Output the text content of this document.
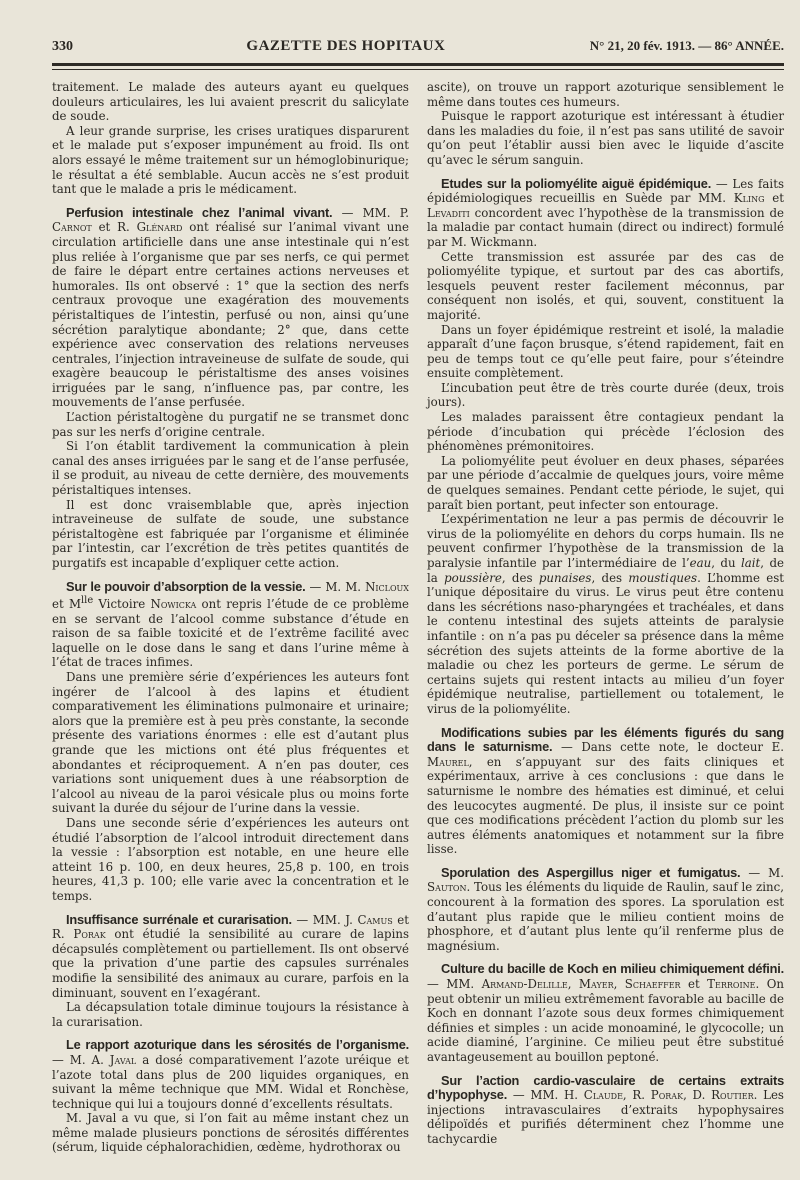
330	GAZETTE DES HOPITAUX	N° 21, 20 fév. 1913. — 86° ANNÉE.

traitement. Le malade des auteurs ayant eu quelques douleurs articulaires, les lui avaient prescrit du salicylate de soude.

A leur grande surprise, les crises uratiques disparurent et le malade put s’exposer impunément au froid. Ils ont alors essayé le même traitement sur un hémoglobinurique; le résultat a été semblable. Aucun accès ne s’est produit tant que le malade a pris le médicament.

Perfusion intestinale chez l’animal vivant. — MM. P. Carnot et R. Glénard ont réalisé sur l’animal vivant une circulation artificielle dans une anse intestinale qui n’est plus reliée à l’organisme que par ses nerfs, ce qui permet de faire le départ entre certaines actions nerveuses et humorales. Ils ont observé : 1° que la section des nerfs centraux provoque une exagération des mouvements péristaltiques de l’intestin, perfusé ou non, ainsi qu’une sécrétion paralytique abondante; 2° que, dans cette expérience avec conservation des relations nerveuses centrales, l’injection intraveineuse de sulfate de soude, qui exagère beaucoup le péristaltisme des anses voisines irriguées par le sang, n’influence pas, par contre, les mouvements de l’anse perfusée.

L’action péristaltogène du purgatif ne se transmet donc pas sur les nerfs d’origine centrale.

Si l’on établit tardivement la communication à plein canal des anses irriguées par le sang et de l’anse perfusée, il se produit, au niveau de cette dernière, des mouvements péristaltiques intenses.

Il est donc vraisemblable que, après injection intraveineuse de sulfate de soude, une substance péristaltogène est fabriquée par l’organisme et éliminée par l’intestin, car l’excrétion de très petites quantités de purgatifs est incapable d’expliquer cette action.

Sur le pouvoir d’absorption de la vessie. — M. M. Nicloux et $M^{lle}$ Victoire Nowicka ont repris l’étude de ce problème en se servant de l’alcool comme substance d’étude en raison de sa faible toxicité et de l’extrême facilité avec laquelle on le dose dans le sang et dans l’urine même à l’état de traces infimes.

Dans une première série d’expériences les auteurs font ingérer de l’alcool à des lapins et étudient comparativement les éliminations pulmonaire et urinaire; alors que la première est à peu près constante, la seconde présente des variations énormes : elle est d’autant plus grande que les mictions ont été plus fréquentes et abondantes et réciproquement. A n’en pas douter, ces variations sont uniquement dues à une réabsorption de l’alcool au niveau de la paroi vésicale plus ou moins forte suivant la durée du séjour de l’urine dans la vessie.

Dans une seconde série d’expériences les auteurs ont étudié l’absorption de l’alcool introduit directement dans la vessie : l’absorption est notable, en une heure elle atteint 16 p. 100, en deux heures, 25,8 p. 100, en trois heures, 41,3 p. 100; elle varie avec la concentration et le temps.

Insuffisance surrénale et curarisation. — MM. J. Camus et R. Porak ont étudié la sensibilité au curare de lapins décapsulés complètement ou partiellement. Ils ont observé que la privation d’une partie des capsules surrénales modifie la sensibilité des animaux au curare, parfois en la diminuant, souvent en l’exagérant.

La décapsulation totale diminue toujours la résistance à la curarisation.

Le rapport azoturique dans les sérosités de l’organisme. — M. A. Javal a dosé comparativement l’azote uréique et l’azote total dans plus de 200 liquides organiques, en suivant la même technique que MM. Widal et Ronchèse, technique qui lui a toujours donné d’excellents résultats.

M. Javal a vu que, si l’on fait au même instant chez un même malade plusieurs ponctions de sérosités différentes (sérum, liquide céphalorachidien, œdème, hydrothorax ou

ascite), on trouve un rapport azoturique sensiblement le même dans toutes ces humeurs.

Puisque le rapport azoturique est intéressant à étudier dans les maladies du foie, il n’est pas sans utilité de savoir qu’on peut l’établir aussi bien avec le liquide d’ascite qu’avec le sérum sanguin.

Etudes sur la poliomyélite aiguë épidémique. — Les faits épidémiologiques recueillis en Suède par MM. Kling et Levaditi concordent avec l’hypothèse de la transmission de la maladie par contact humain (direct ou indirect) formulé par M. Wickmann.

Cette transmission est assurée par des cas de poliomyélite typique, et surtout par des cas abortifs, lesquels peuvent rester facilement méconnus, par conséquent non isolés, et qui, souvent, constituent la majorité.

Dans un foyer épidémique restreint et isolé, la maladie apparaît d’une façon brusque, s’étend rapidement, fait en peu de temps tout ce qu’elle peut faire, pour s’éteindre ensuite complètement.

L’incubation peut être de très courte durée (deux, trois jours).

Les malades paraissent être contagieux pendant la période d’incubation qui précède l’éclosion des phénomènes prémonitoires.

La poliomyélite peut évoluer en deux phases, séparées par une période d’accalmie de quelques jours, voire même de quelques semaines. Pendant cette période, le sujet, qui paraît bien portant, peut infecter son entourage.

L’expérimentation ne leur a pas permis de découvrir le virus de la poliomyélite en dehors du corps humain. Ils ne peuvent confirmer l’hypothèse de la transmission de la paralysie infantile par l’intermédiaire de l’eau, du lait, de la poussière, des punaises, des moustiques. L’homme est l’unique dépositaire du virus. Le virus peut être contenu dans les sécrétions naso-pharyngées et trachéales, et dans le contenu intestinal des sujets atteints de paralysie infantile : on n’a pas pu déceler sa présence dans la même sécrétion des sujets atteints de la forme abortive de la maladie ou chez les porteurs de germe. Le sérum de certains sujets qui restent intacts au milieu d’un foyer épidémique neutralise, partiellement ou totalement, le virus de la poliomyélite.

Modifications subies par les éléments figurés du sang dans le saturnisme. — Dans cette note, le docteur E. Maurel, en s’appuyant sur des faits cliniques et expérimentaux, arrive à ces conclusions : que dans le saturnisme le nombre des hématies est diminué, et celui des leucocytes augmenté. De plus, il insiste sur ce point que ces modifications précèdent l’action du plomb sur les autres éléments anatomiques et notamment sur la fibre lisse.

Sporulation des Aspergillus niger et fumigatus. — M. Sauton. Tous les éléments du liquide de Raulin, sauf le zinc, concourent à la formation des spores. La sporulation est d’autant plus rapide que le milieu contient moins de phosphore, et d’autant plus lente qu’il renferme plus de magnésium.

Culture du bacille de Koch en milieu chimiquement défini. — MM. Armand-Delille, Mayer, Schaeffer et Terroine. On peut obtenir un milieu extrêmement favorable au bacille de Koch en donnant l’azote sous deux formes chimiquement définies et simples : un acide monoaminé, le glycocolle; un acide diaminé, l’arginine. Ce milieu peut être substitué avantageusement au bouillon peptoné.

Sur l’action cardio-vasculaire de certains extraits d’hypophyse. — MM. H. Claude, R. Porak, D. Routier. Les injections intravasculaires d’extraits hypophysaires délipoïdés et purifiés déterminent chez l’homme une tachycardie
